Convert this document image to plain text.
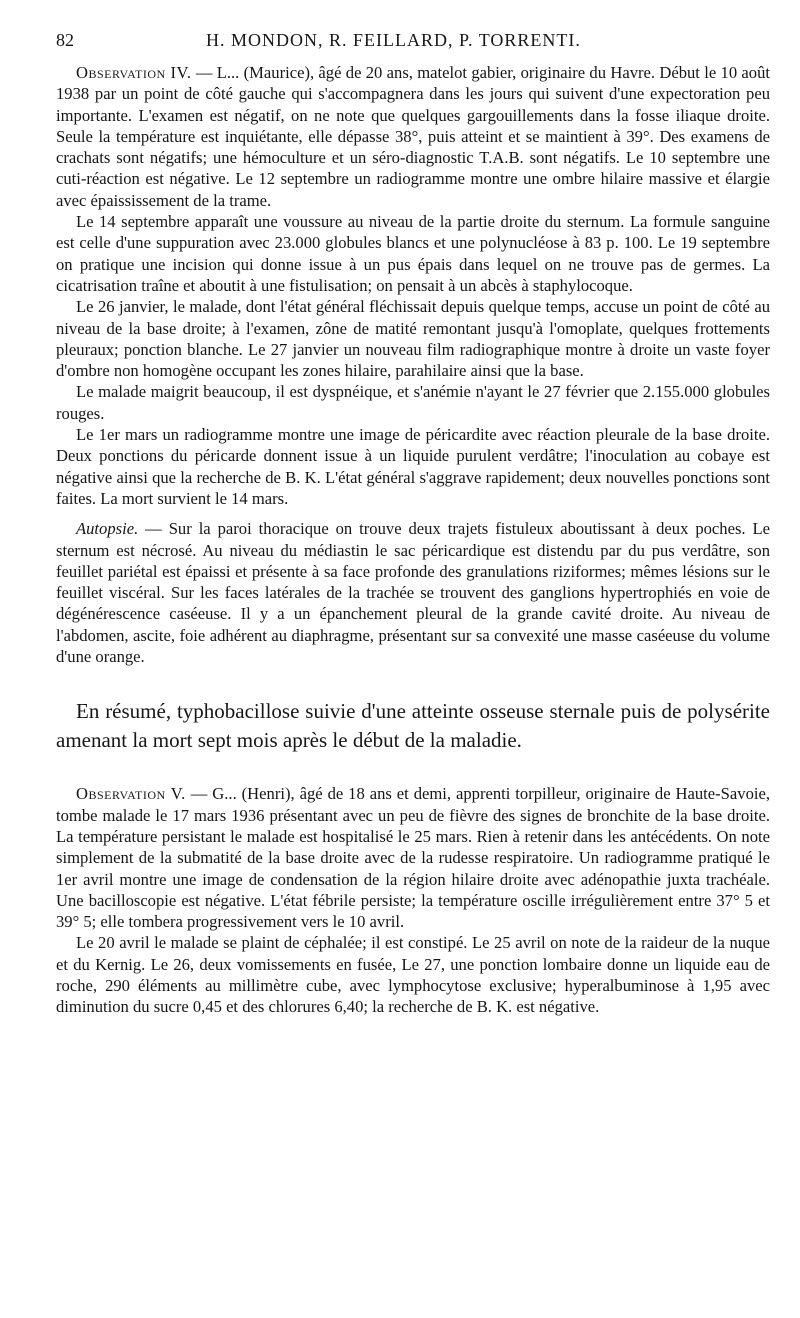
82	H. MONDON, R. FEILLARD, P. TORRENTI.

Observation IV. — L... (Maurice), âgé de 20 ans, matelot gabier, originaire du Havre. Début le 10 août 1938 par un point de côté gauche qui s'accompagnera dans les jours qui suivent d'une expectoration peu importante. L'examen est négatif, on ne note que quelques gargouillements dans la fosse iliaque droite. Seule la température est inquiétante, elle dépasse 38°, puis atteint et se maintient à 39°. Des examens de crachats sont négatifs; une hémoculture et un séro-diagnostic T.A.B. sont négatifs. Le 10 septembre une cuti-réaction est négative. Le 12 septembre un radiogramme montre une ombre hilaire massive et élargie avec épaississement de la trame.

Le 14 septembre apparaît une voussure au niveau de la partie droite du sternum. La formule sanguine est celle d'une suppuration avec 23.000 globules blancs et une polynucléose à 83 p. 100. Le 19 septembre on pratique une incision qui donne issue à un pus épais dans lequel on ne trouve pas de germes. La cicatrisation traîne et aboutit à une fistulisation; on pensait à un abcès à staphylocoque.

Le 26 janvier, le malade, dont l'état général fléchissait depuis quelque temps, accuse un point de côté au niveau de la base droite; à l'examen, zône de matité remontant jusqu'à l'omoplate, quelques frottements pleuraux; ponction blanche. Le 27 janvier un nouveau film radiographique montre à droite un vaste foyer d'ombre non homogène occupant les zones hilaire, parahilaire ainsi que la base.

Le malade maigrit beaucoup, il est dyspnéique, et s'anémie n'ayant le 27 février que 2.155.000 globules rouges.

Le 1er mars un radiogramme montre une image de péricardite avec réaction pleurale de la base droite. Deux ponctions du péricarde donnent issue à un liquide purulent verdâtre; l'inoculation au cobaye est négative ainsi que la recherche de B. K. L'état général s'aggrave rapidement; deux nouvelles ponctions sont faites. La mort survient le 14 mars.

Autopsie. — Sur la paroi thoracique on trouve deux trajets fistuleux aboutissant à deux poches. Le sternum est nécrosé. Au niveau du médiastin le sac péricardique est distendu par du pus verdâtre, son feuillet pariétal est épaissi et présente à sa face profonde des granulations riziformes; mêmes lésions sur le feuillet viscéral. Sur les faces latérales de la trachée se trouvent des ganglions hypertrophiés en voie de dégénérescence caséeuse. Il y a un épanchement pleural de la grande cavité droite. Au niveau de l'abdomen, ascite, foie adhérent au diaphragme, présentant sur sa convexité une masse caséeuse du volume d'une orange.

En résumé, typhobacillose suivie d'une atteinte osseuse sternale puis de polysérite amenant la mort sept mois après le début de la maladie.

Observation V. — G... (Henri), âgé de 18 ans et demi, apprenti torpilleur, originaire de Haute-Savoie, tombe malade le 17 mars 1936 présentant avec un peu de fièvre des signes de bronchite de la base droite. La température persistant le malade est hospitalisé le 25 mars. Rien à retenir dans les antécédents. On note simplement de la submatité de la base droite avec de la rudesse respiratoire. Un radiogramme pratiqué le 1er avril montre une image de condensation de la région hilaire droite avec adénopathie juxta trachéale. Une bacilloscopie est négative. L'état fébrile persiste; la température oscille irrégulièrement entre 37° 5 et 39° 5; elle tombera progressivement vers le 10 avril.

Le 20 avril le malade se plaint de céphalée; il est constipé. Le 25 avril on note de la raideur de la nuque et du Kernig. Le 26, deux vomissements en fusée, Le 27, une ponction lombaire donne un liquide eau de roche, 290 éléments au millimètre cube, avec lymphocytose exclusive; hyperalbuminose à 1,95 avec diminution du sucre 0,45 et des chlorures 6,40; la recherche de B. K. est négative.
